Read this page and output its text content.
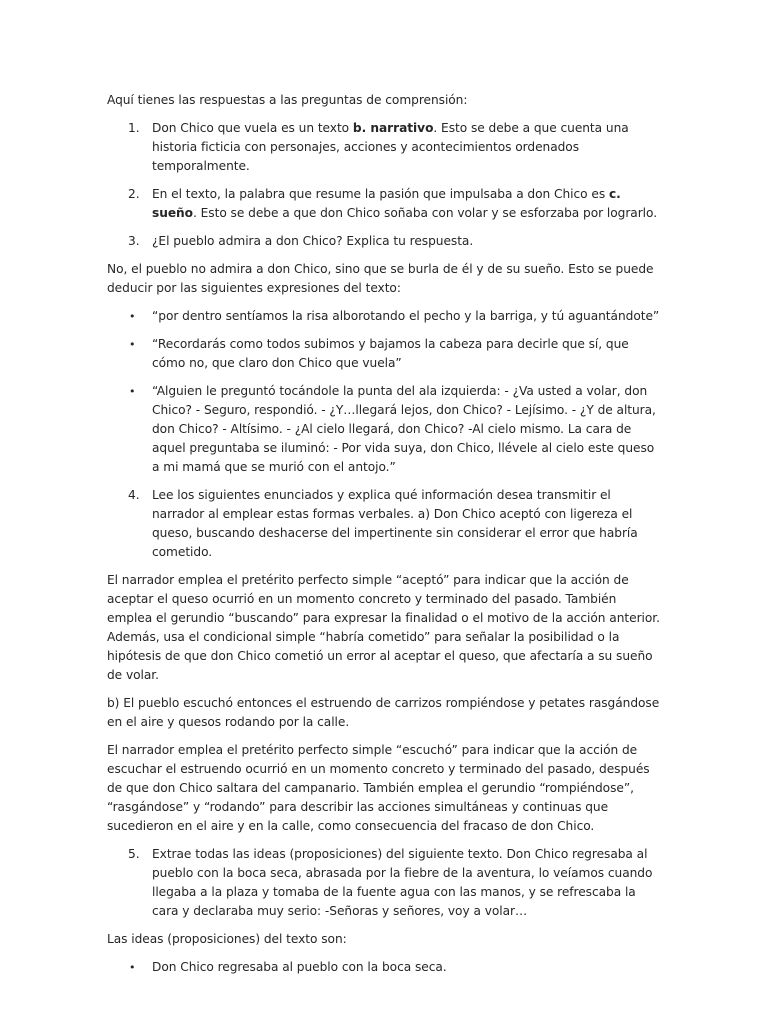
Aquí tienes las respuestas a las preguntas de comprensión:

1. Don Chico que vuela es un texto b. narrativo. Esto se debe a que cuenta una historia ficticia con personajes, acciones y acontecimientos ordenados temporalmente.
2. En el texto, la palabra que resume la pasión que impulsaba a don Chico es c. sueño. Esto se debe a que don Chico soñaba con volar y se esforzaba por lograrlo.
3. ¿El pueblo admira a don Chico? Explica tu respuesta.

No, el pueblo no admira a don Chico, sino que se burla de él y de su sueño. Esto se puede deducir por las siguientes expresiones del texto:

• “por dentro sentíamos la risa alborotando el pecho y la barriga, y tú aguantándote”
• “Recordarás como todos subimos y bajamos la cabeza para decirle que sí, que cómo no, que claro don Chico que vuela”
• “Alguien le preguntó tocándole la punta del ala izquierda: - ¿Va usted a volar, don Chico? - Seguro, respondió. - ¿Y…llegará lejos, don Chico? - Lejísimo. - ¿Y de altura, don Chico? - Altísimo. - ¿Al cielo llegará, don Chico? -Al cielo mismo. La cara de aquel preguntaba se iluminó: - Por vida suya, don Chico, llévele al cielo este queso a mi mamá que se murió con el antojo.”
4. Lee los siguientes enunciados y explica qué información desea transmitir el narrador al emplear estas formas verbales. a) Don Chico aceptó con ligereza el queso, buscando deshacerse del impertinente sin considerar el error que habría cometido.

El narrador emplea el pretérito perfecto simple “aceptó” para indicar que la acción de aceptar el queso ocurrió en un momento concreto y terminado del pasado. También emplea el gerundio “buscando” para expresar la finalidad o el motivo de la acción anterior. Además, usa el condicional simple “habría cometido” para señalar la posibilidad o la hipótesis de que don Chico cometió un error al aceptar el queso, que afectaría a su sueño de volar.

b) El pueblo escuchó entonces el estruendo de carrizos rompiéndose y petates rasgándose en el aire y quesos rodando por la calle.

El narrador emplea el pretérito perfecto simple “escuchó” para indicar que la acción de escuchar el estruendo ocurrió en un momento concreto y terminado del pasado, después de que don Chico saltara del campanario. También emplea el gerundio “rompiéndose”, “rasgándose” y “rodando” para describir las acciones simultáneas y continuas que sucedieron en el aire y en la calle, como consecuencia del fracaso de don Chico.

5. Extrae todas las ideas (proposiciones) del siguiente texto. Don Chico regresaba al pueblo con la boca seca, abrasada por la fiebre de la aventura, lo veíamos cuando llegaba a la plaza y tomaba de la fuente agua con las manos, y se refrescaba la cara y declaraba muy serio: -Señoras y señores, voy a volar…

Las ideas (proposiciones) del texto son:

• Don Chico regresaba al pueblo con la boca seca.
